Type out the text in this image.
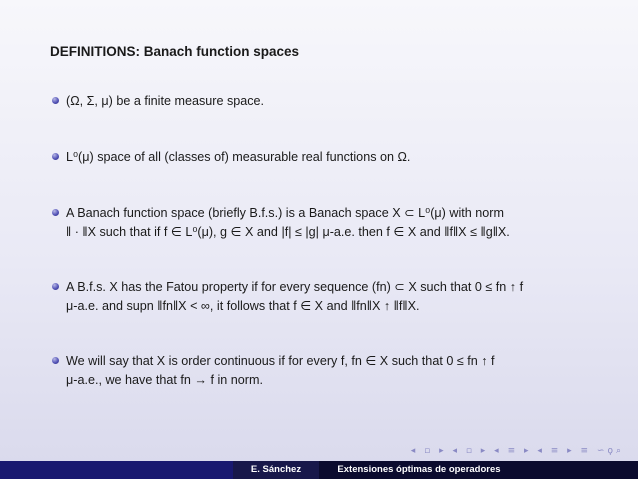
DEFINITIONS: Banach function spaces
(Ω, Σ, μ) be a finite measure space.
L⁰(μ) space of all (classes of) measurable real functions on Ω.
A Banach function space (briefly B.f.s.) is a Banach space X ⊂ L⁰(μ) with norm
‖ · ‖X such that if f ∈ L⁰(μ), g ∈ X and |f| ≤ |g| μ-a.e. then f ∈ X and ‖f‖X ≤ ‖g‖X.
A B.f.s. X has the Fatou property if for every sequence (fn) ⊂ X such that 0 ≤ fn ↑ f
μ-a.e. and supn ‖fn‖X < ∞, it follows that f ∈ X and ‖fn‖X ↑ ‖f‖X.
We will say that X is order continuous if for every f, fn ∈ X such that 0 ≤ fn ↑ f
μ-a.e., we have that fn → f in norm.
◂ ▫ ▸ ◂ ▫ ▸ ◂ ≡ ▸ ◂ ≡ ▸ ≡ ∽ϙ⌕
E. Sánchez	Extensiones óptimas de operadores
